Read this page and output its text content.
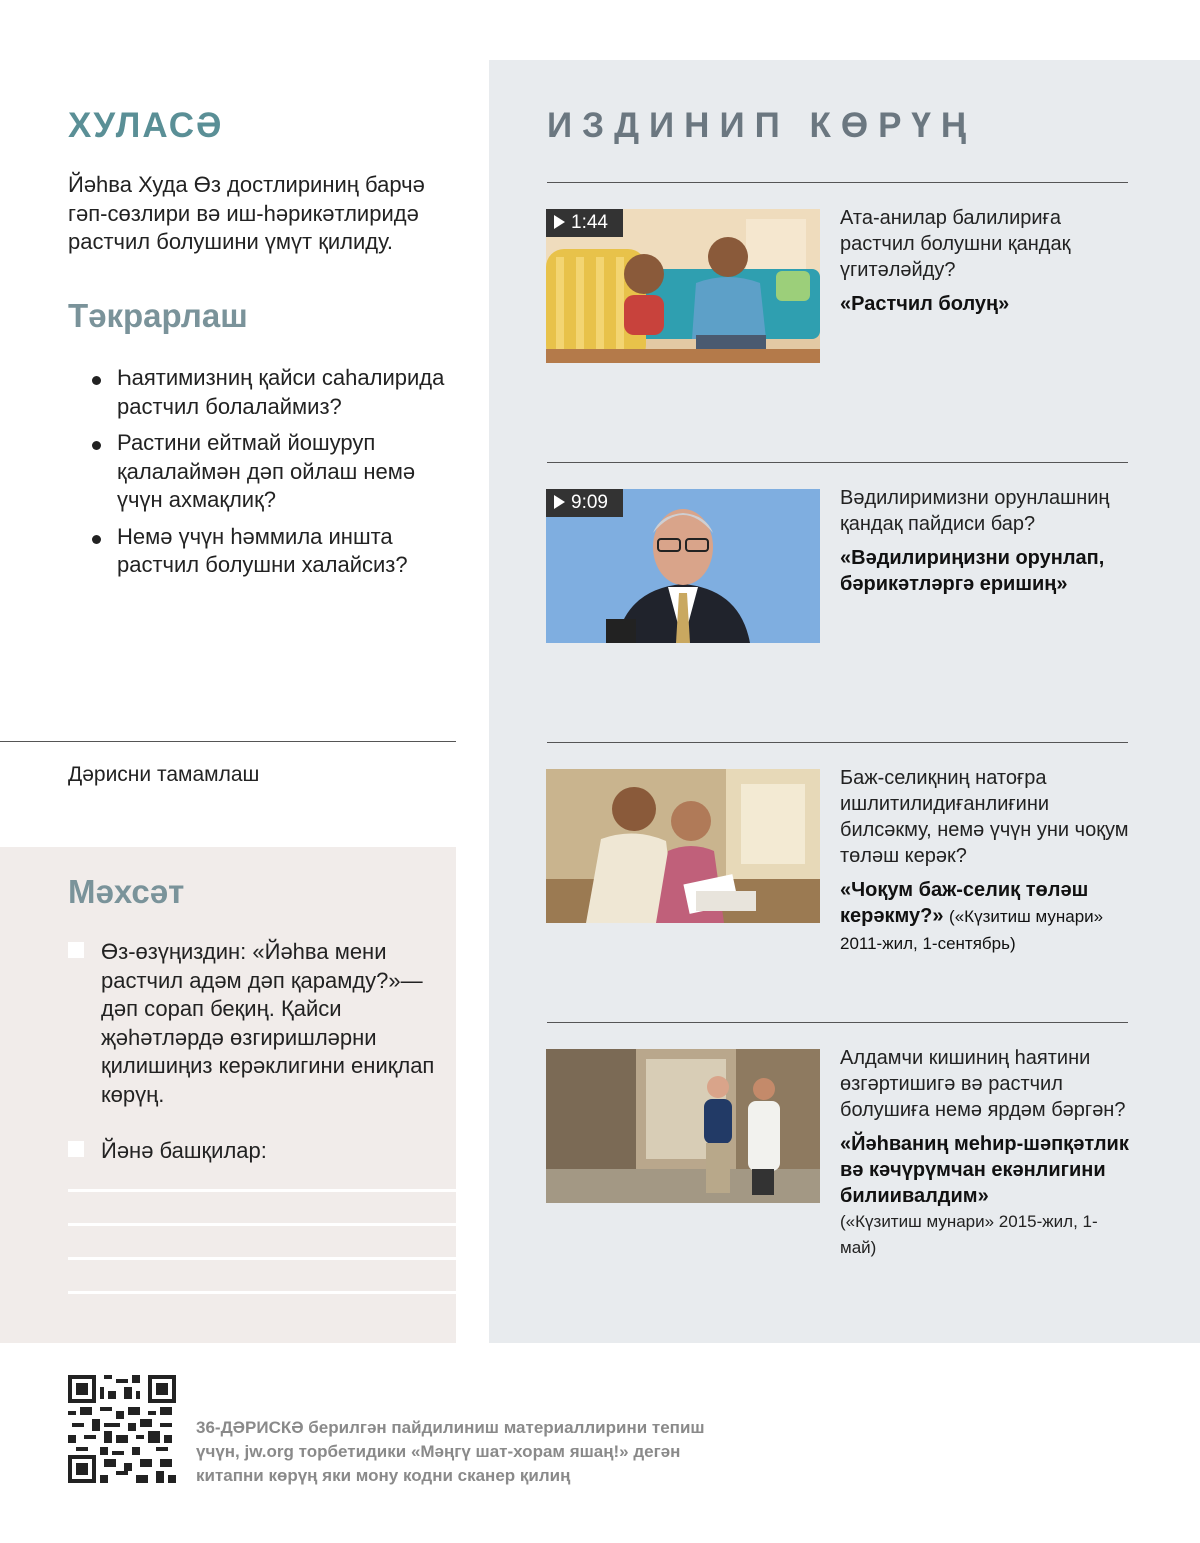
ХУЛАСӘ
Йәһва Худа Өз достлириниң барчә гәп-сөзлири вә иш-һәрикәтлиридә растчил болушини үмүт қилиду.
Тәкрарлаш
Һаятимизниң қайси саһалирида растчил болалаймиз?
Растини ейтмай йошуруп қалалаймән дәп ойлаш немә үчүн ахмақлиқ?
Немә үчүн һәммила иншта растчил болушни халайсиз?
Дәрисни тамамлаш
Мәхсәт
Өз-өзүңиздин: «Йәһва мени растчил адәм дәп қарамду?»—дәп сорап беқиң. Қайси җәһәтләрдә өзгиришләрни қилишиңиз керәклигини ениқлап көрүң.
Йәнә башқилар:
ИЗДИНИП КӨРҮҢ
1:44	Ата-анилар балилириға растчил болушни қандақ үгитәләйду?
«Растчил болуң»
9:09	Вәдилиримизни орунлашниң қандақ пайдиси бар?
«Вәдилириңизни орунлап, бәрикәтләргә еришиң»
Баж-селиқниң натоғра ишлитилидиғанлиғини билсәкму, немә үчүн уни чоқум төләш керәк?
«Чоқум баж-селиқ төләш керәкму?» («Күзитиш мунари» 2011-жил, 1-сентябрь)
Алдамчи кишиниң һаятини өзгәртишигә вә растчил болушиға немә ярдәм бәргән?
«Йәһваниң меһир-шәпқәтлик вә кәчүрүмчан екәнлигини билиивалдим»
(«Күзитиш мунари» 2015-жил, 1-май)
36-ДӘРИСКӘ берилгән пайдилиниш материаллирини тепиш үчүн, jw.org торбетидики «Мәңгү шат-хорам яшаң!» дегән китапни көрүң яки мону кодни сканер қилиң
